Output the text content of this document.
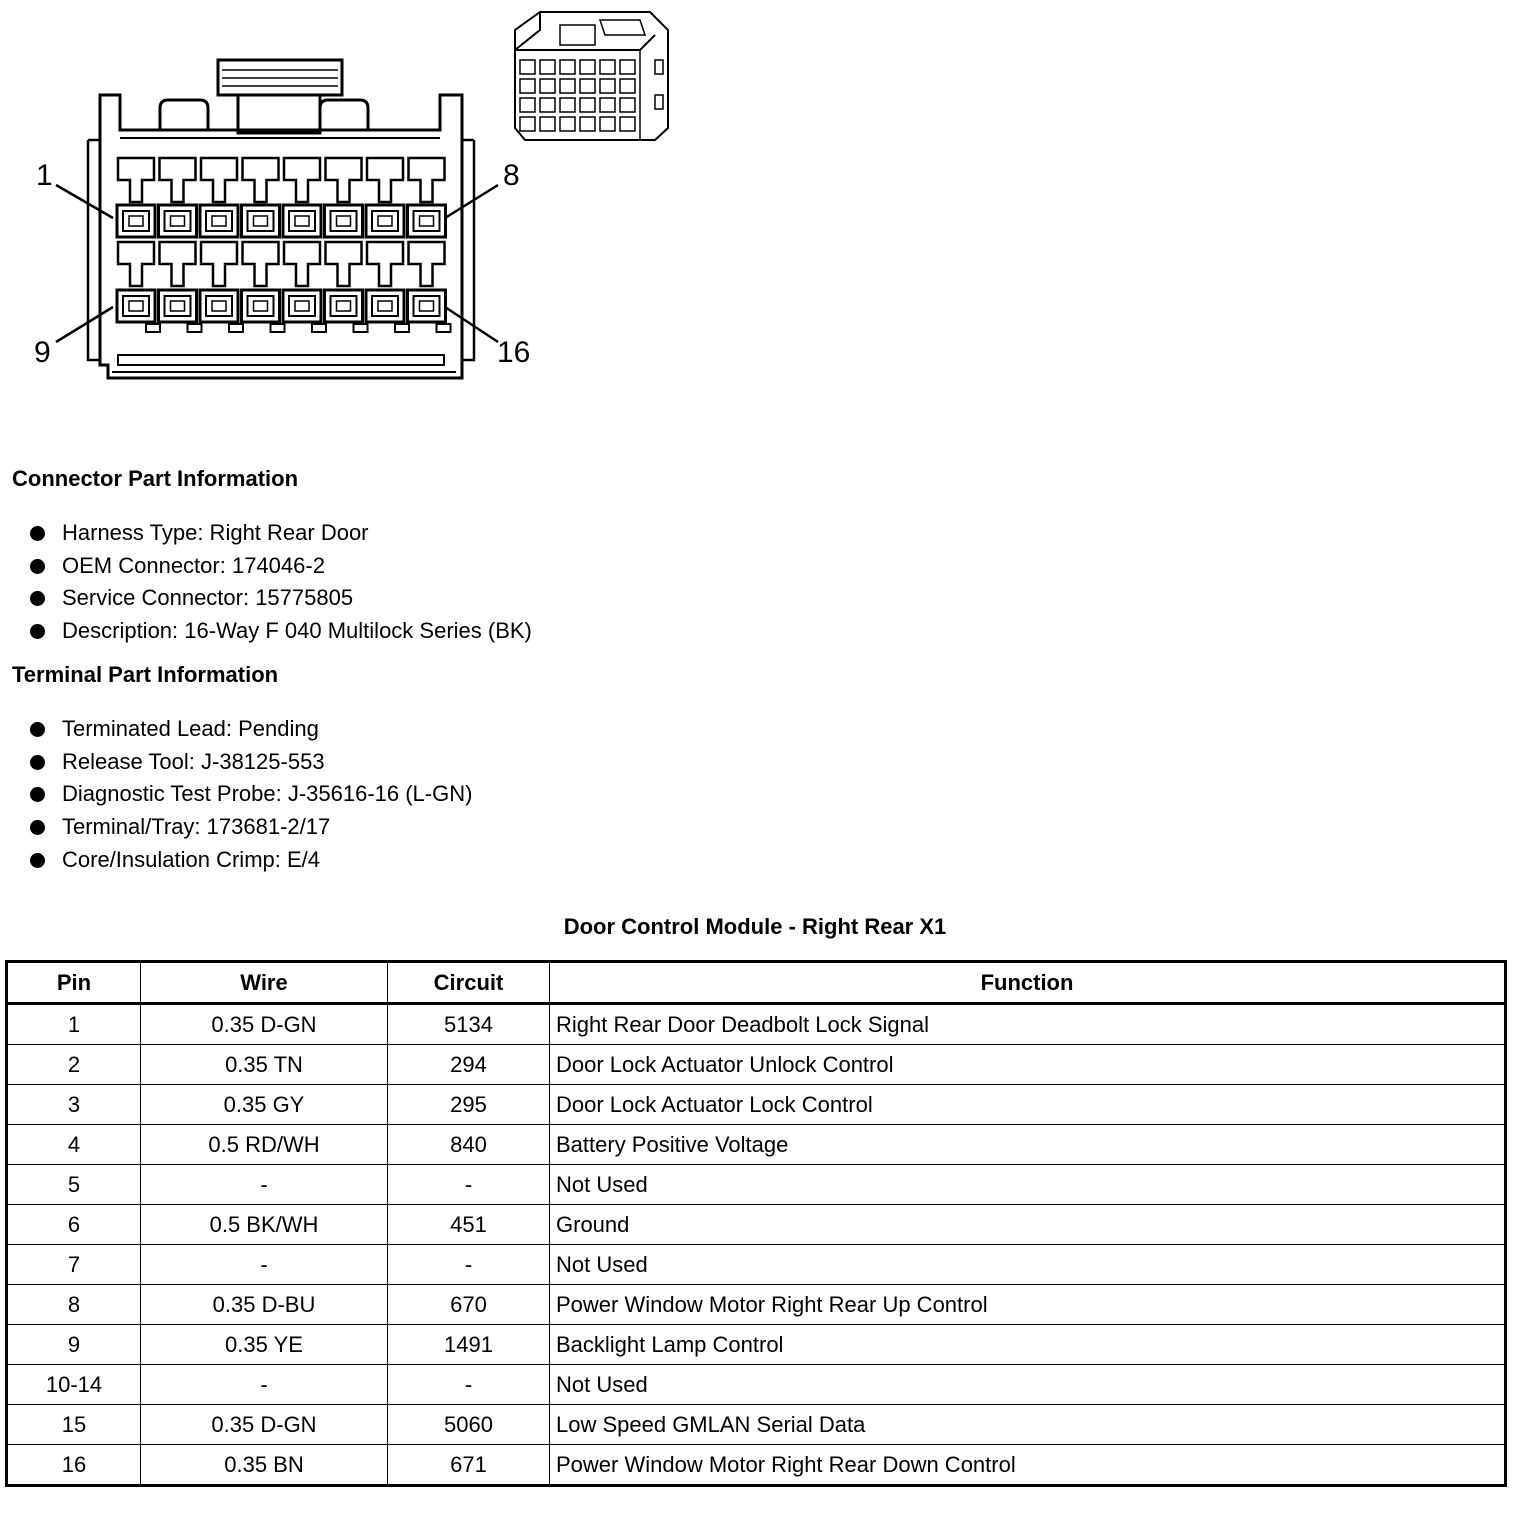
1	8
9	16
Connector Part Information
Harness Type: Right Rear Door
OEM Connector: 174046-2
Service Connector: 15775805
Description: 16-Way F 040 Multilock Series (BK)
Terminal Part Information
Terminated Lead: Pending
Release Tool: J-38125-553
Diagnostic Test Probe: J-35616-16 (L-GN)
Terminal/Tray: 173681-2/17
Core/Insulation Crimp: E/4
Door Control Module - Right Rear X1
Pin	Wire	Circuit	Function
1	0.35 D-GN	5134	Right Rear Door Deadbolt Lock Signal
2	0.35 TN	294	Door Lock Actuator Unlock Control
3	0.35 GY	295	Door Lock Actuator Lock Control
4	0.5 RD/WH	840	Battery Positive Voltage
5	-	-	Not Used
6	0.5 BK/WH	451	Ground
7	-	-	Not Used
8	0.35 D-BU	670	Power Window Motor Right Rear Up Control
9	0.35 YE	1491	Backlight Lamp Control
10-14	-	-	Not Used
15	0.35 D-GN	5060	Low Speed GMLAN Serial Data
16	0.35 BN	671	Power Window Motor Right Rear Down Control
